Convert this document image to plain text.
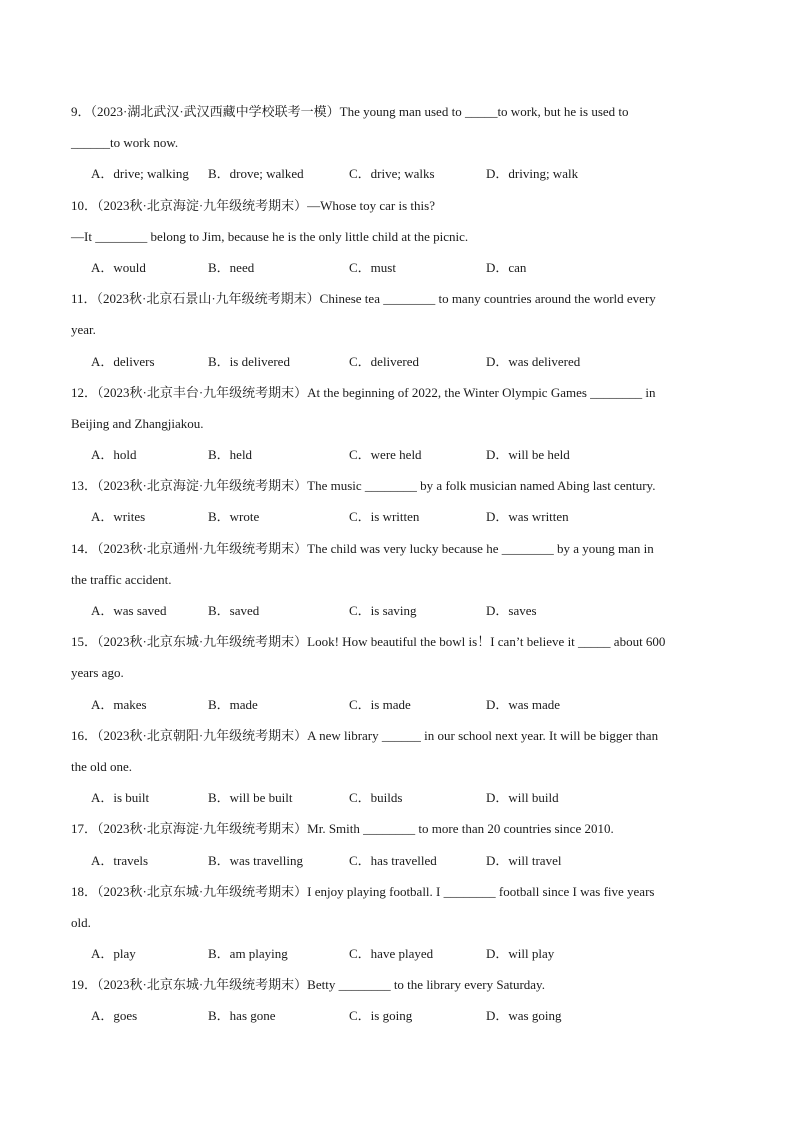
9．（2023·湖北武汉·武汉西藏中学校联考一模）The young man used to _____to work, but he is used to
______to work now.
A．drive; walking B．drove; walked	C．drive; walks	D．driving; walk
10．（2023秋·北京海淀·九年级统考期末）—Whose toy car is this?
—It ________ belong to Jim, because he is the only little child at the picnic.
A．would	B．need	C．must	D．can
11．（2023秋·北京石景山·九年级统考期末）Chinese tea ________ to many countries around the world every
year.
A．delivers	B．is delivered	C．delivered	D．was delivered
12．（2023秋·北京丰台·九年级统考期末）At the beginning of 2022, the Winter Olympic Games ________ in
Beijing and Zhangjiakou.
A．hold	B．held	C．were held	D．will be held
13．（2023秋·北京海淀·九年级统考期末）The music ________ by a folk musician named Abing last century.
A．writes	B．wrote	C．is written	D．was written
14．（2023秋·北京通州·九年级统考期末）The child was very lucky because he ________ by a young man in
the traffic accident.
A．was saved	B．saved	C．is saving	D．saves
15．（2023秋·北京东城·九年级统考期末）Look! How beautiful the bowl is！I can’t believe it _____ about 600
years ago.
A．makes	B．made	C．is made	D．was made
16．（2023秋·北京朝阳·九年级统考期末）A new library ______ in our school next year. It will be bigger than
the old one.
A．is built	B．will be built	C．builds	D．will build
17．（2023秋·北京海淀·九年级统考期末）Mr. Smith ________ to more than 20 countries since 2010.
A．travels	B．was travelling	C．has travelled	D．will travel
18．（2023秋·北京东城·九年级统考期末）I enjoy playing football. I ________ football since I was five years
old.
A．play	B．am playing	C．have played	D．will play
19．（2023秋·北京东城·九年级统考期末）Betty ________ to the library every Saturday.
A．goes	B．has gone	C．is going	D．was going
